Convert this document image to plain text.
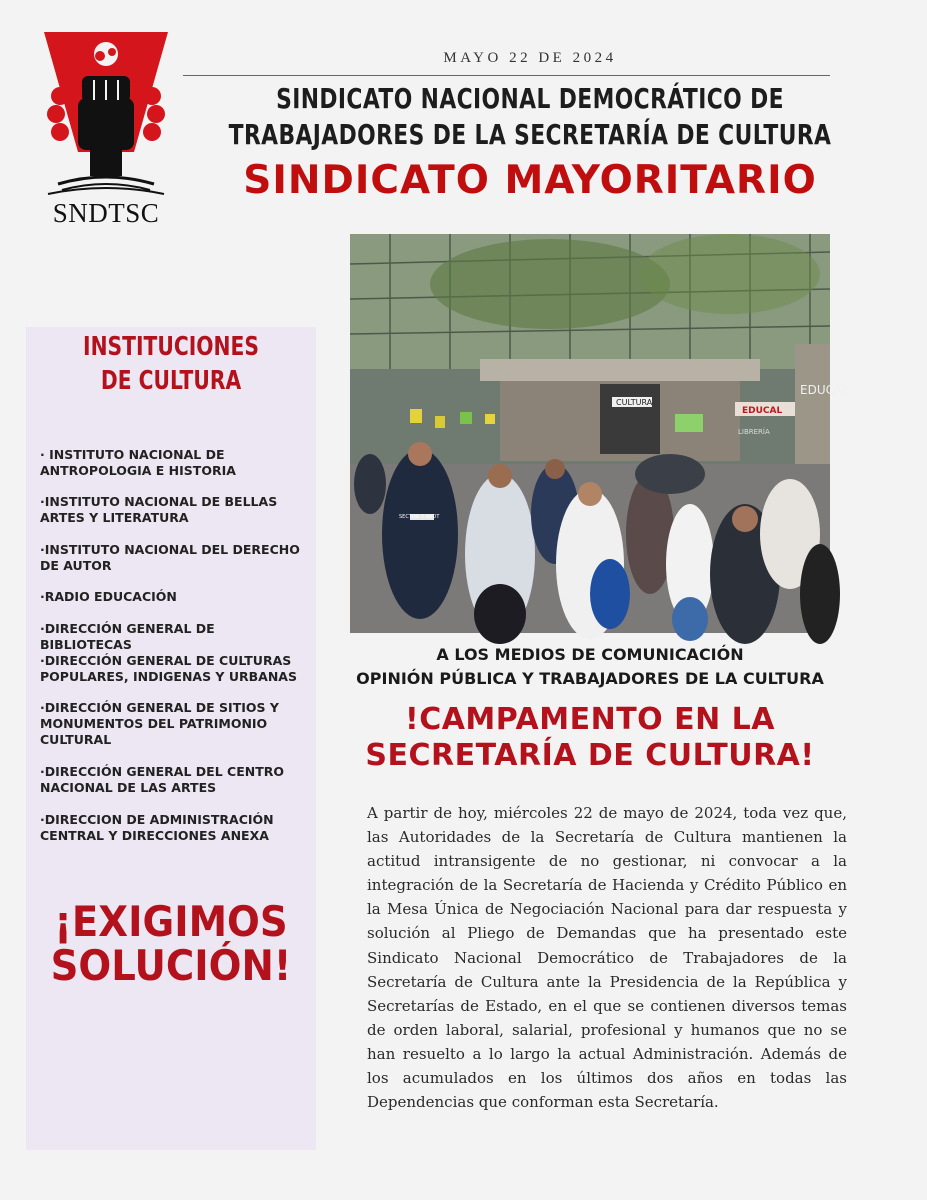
SNDTSC
MAYO 22 DE 2024
SINDICATO NACIONAL DEMOCRÁTICO DE
TRABAJADORES DE LA SECRETARÍA DE CULTURA
SINDICATO MAYORITARIO
CULTURA
EDUCAL
EDUCAL
LIBRERÍA
SECTOR 7 SNDT
INSTITUCIONES DE CULTURA
· INSTITUTO NACIONAL DE ANTROPOLOGIA E HISTORIA
·INSTITUTO NACIONAL DE BELLAS ARTES Y LITERATURA
·INSTITUTO NACIONAL DEL DERECHO DE AUTOR
·RADIO EDUCACIÓN
·DIRECCIÓN GENERAL DE BIBLIOTECAS
·DIRECCIÓN GENERAL DE CULTURAS POPULARES, INDIGENAS Y URBANAS
·DIRECCIÓN GENERAL DE SITIOS Y MONUMENTOS DEL PATRIMONIO CULTURAL
·DIRECCIÓN GENERAL DEL CENTRO NACIONAL DE LAS ARTES
·DIRECCION DE ADMINISTRACIÓN CENTRAL Y DIRECCIONES ANEXA
¡EXIGIMOS
SOLUCIÓN!
A LOS MEDIOS DE COMUNICACIÓN
OPINIÓN PÚBLICA Y TRABAJADORES DE LA CULTURA
!CAMPAMENTO EN LA
SECRETARÍA DE CULTURA!
A partir de hoy, miércoles 22 de mayo de 2024, toda vez que, las Autoridades de la Secretaría de Cultura mantienen la actitud intransigente de no gestionar, ni convocar a la integración de la Secretaría de Hacienda y Crédito Público en la Mesa Única de Negociación Nacional para dar respuesta y solución al Pliego de Demandas que ha presentado este Sindicato Nacional Democrático de Trabajadores de la Secretaría de Cultura ante la Presidencia de la República y Secretarías de Estado, en el que se contienen diversos temas de orden laboral, salarial, profesional y humanos que no se han resuelto a lo largo la actual Administración. Además de los acumulados en los últimos dos años en todas las Dependencias que conforman esta Secretaría.
